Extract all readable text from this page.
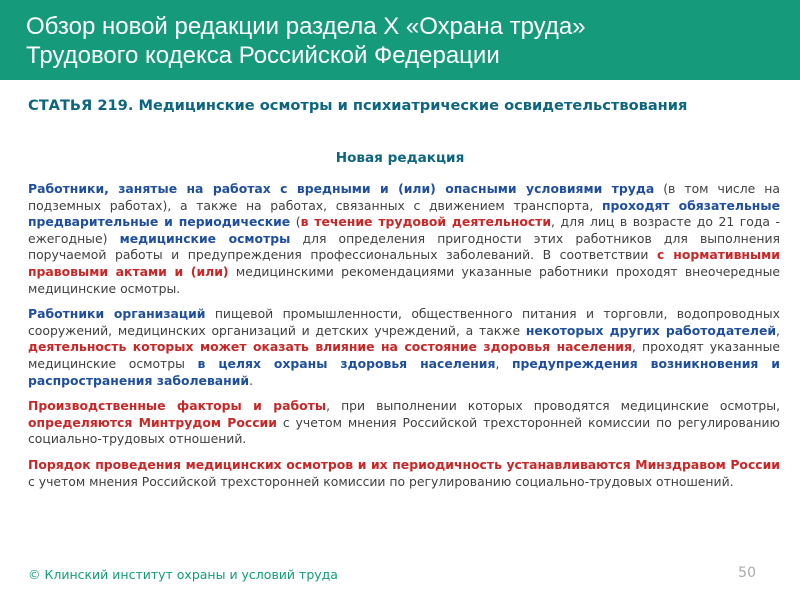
Обзор новой редакции раздела Х «Охрана труда»
Трудового кодекса Российской Федерации
СТАТЬЯ 219. Медицинские осмотры и психиатрические освидетельствования
Новая редакция

Работники, занятые на работах с вредными и (или) опасными условиями труда (в том числе на подземных работах), а также на работах, связанных с движением транспорта, проходят обязательные предварительные и периодические (в течение трудовой деятельности, для лиц в возрасте до 21 года - ежегодные) медицинские осмотры для определения пригодности этих работников для выполнения поручаемой работы и предупреждения профессиональных заболеваний. В соответствии с нормативными правовыми актами и (или) медицинскими рекомендациями указанные работники проходят внеочередные медицинские осмотры.

Работники организаций пищевой промышленности, общественного питания и торговли, водопроводных сооружений, медицинских организаций и детских учреждений, а также некоторых других работодателей, деятельность которых может оказать влияние на состояние здоровья населения, проходят указанные медицинские осмотры в целях охраны здоровья населения, предупреждения возникновения и распространения заболеваний.

Производственные факторы и работы, при выполнении которых проводятся медицинские осмотры, определяются Минтрудом России с учетом мнения Российской трехсторонней комиссии по регулированию социально-трудовых отношений.

Порядок проведения медицинских осмотров и их периодичность устанавливаются Минздравом России с учетом мнения Российской трехсторонней комиссии по регулированию социально-трудовых отношений.

© Клинский институт охраны и условий труда	50
